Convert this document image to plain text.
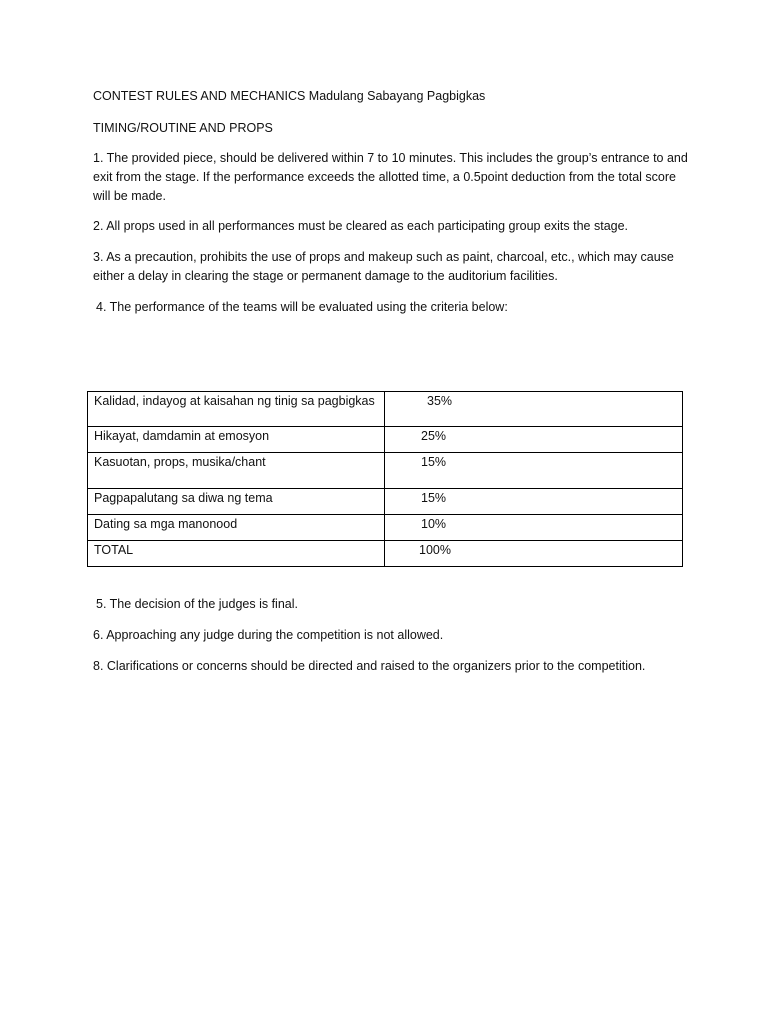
CONTEST RULES AND MECHANICS Madulang Sabayang Pagbigkas
TIMING/ROUTINE AND PROPS
1. The provided piece, should be delivered within 7 to 10 minutes. This includes the group’s entrance to and exit from the stage. If the performance exceeds the allotted time, a 0.5point deduction from the total score will be made.
2. All props used in all performances must be cleared as each participating group exits the stage.
3. As a precaution, prohibits the use of props and makeup such as paint, charcoal, etc., which may cause either a delay in clearing the stage or permanent damage to the auditorium facilities.
4. The performance of the teams will be evaluated using the criteria below:
Kalidad, indayog at kaisahan ng tinig sa pagbigkas	35%
Hikayat, damdamin at emosyon	25%
Kasuotan, props, musika/chant	15%
Pagpapalutang sa diwa ng tema	15%
Dating sa mga manonood	10%
TOTAL	100%
5. The decision of the judges is final.
6. Approaching any judge during the competition is not allowed.
8. Clarifications or concerns should be directed and raised to the organizers prior to the competition.
